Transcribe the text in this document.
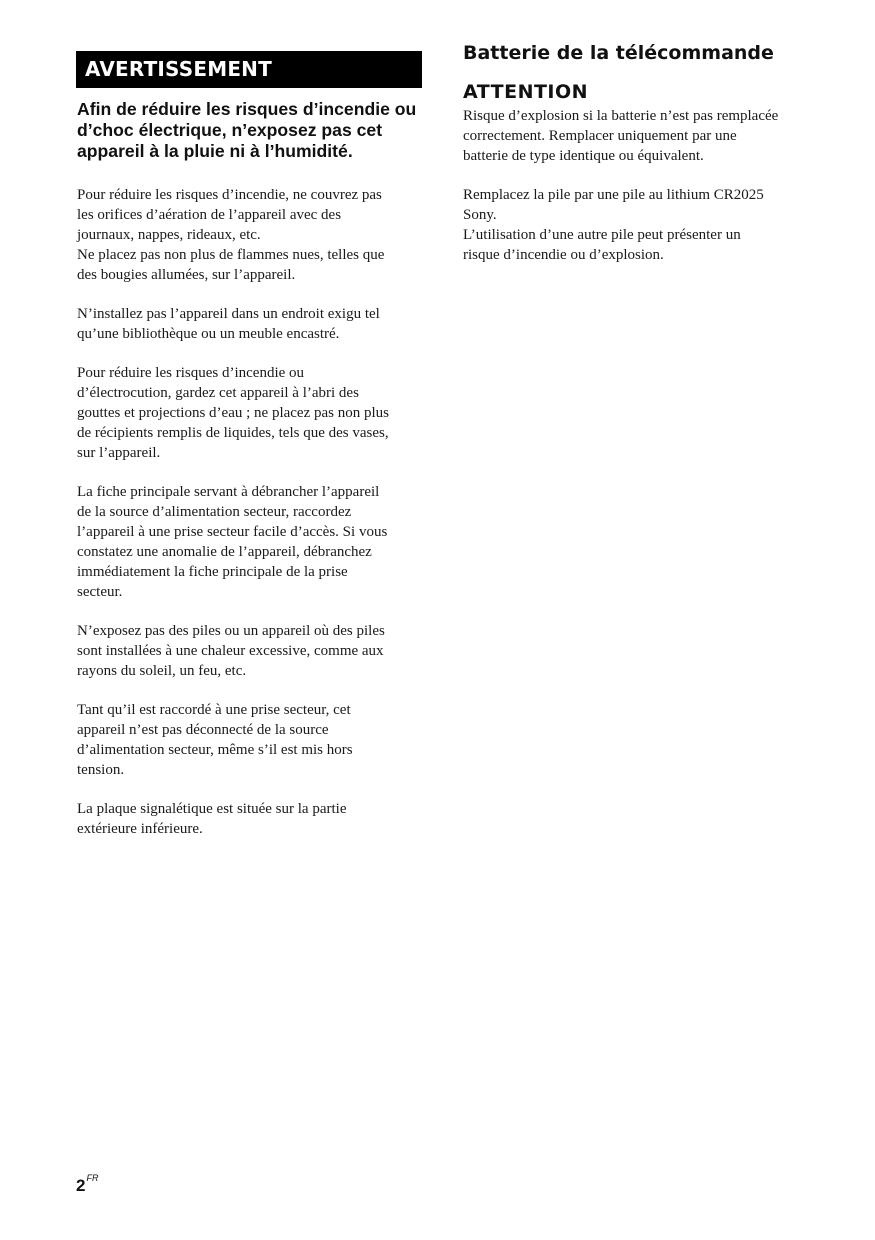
AVERTISSEMENT
Afin de réduire les risques d’incendie ou d’choc électrique, n’exposez pas cet appareil à la pluie ni à l’humidité.
Pour réduire les risques d’incendie, ne couvrez pas
les orifices d’aération de l’appareil avec des
journaux, nappes, rideaux, etc.
Ne placez pas non plus de flammes nues, telles que
des bougies allumées, sur l’appareil.
N’installez pas l’appareil dans un endroit exigu tel
qu’une bibliothèque ou un meuble encastré.
Pour réduire les risques d’incendie ou
d’électrocution, gardez cet appareil à l’abri des
gouttes et projections d’eau ; ne placez pas non plus
de récipients remplis de liquides, tels que des vases,
sur l’appareil.
La fiche principale servant à débrancher l’appareil
de la source d’alimentation secteur, raccordez
l’appareil à une prise secteur facile d’accès. Si vous
constatez une anomalie de l’appareil, débranchez
immédiatement la fiche principale de la prise
secteur.
N’exposez pas des piles ou un appareil où des piles
sont installées à une chaleur excessive, comme aux
rayons du soleil, un feu, etc.
Tant qu’il est raccordé à une prise secteur, cet
appareil n’est pas déconnecté de la source
d’alimentation secteur, même s’il est mis hors
tension.
La plaque signalétique est située sur la partie
extérieure inférieure.
Batterie de la télécommande
ATTENTION
Risque d’explosion si la batterie n’est pas remplacée
correctement. Remplacer uniquement par une
batterie de type identique ou équivalent.
Remplacez la pile par une pile au lithium CR2025
Sony.
L’utilisation d’une autre pile peut présenter un
risque d’incendie ou d’explosion.
$2^{FR}$
